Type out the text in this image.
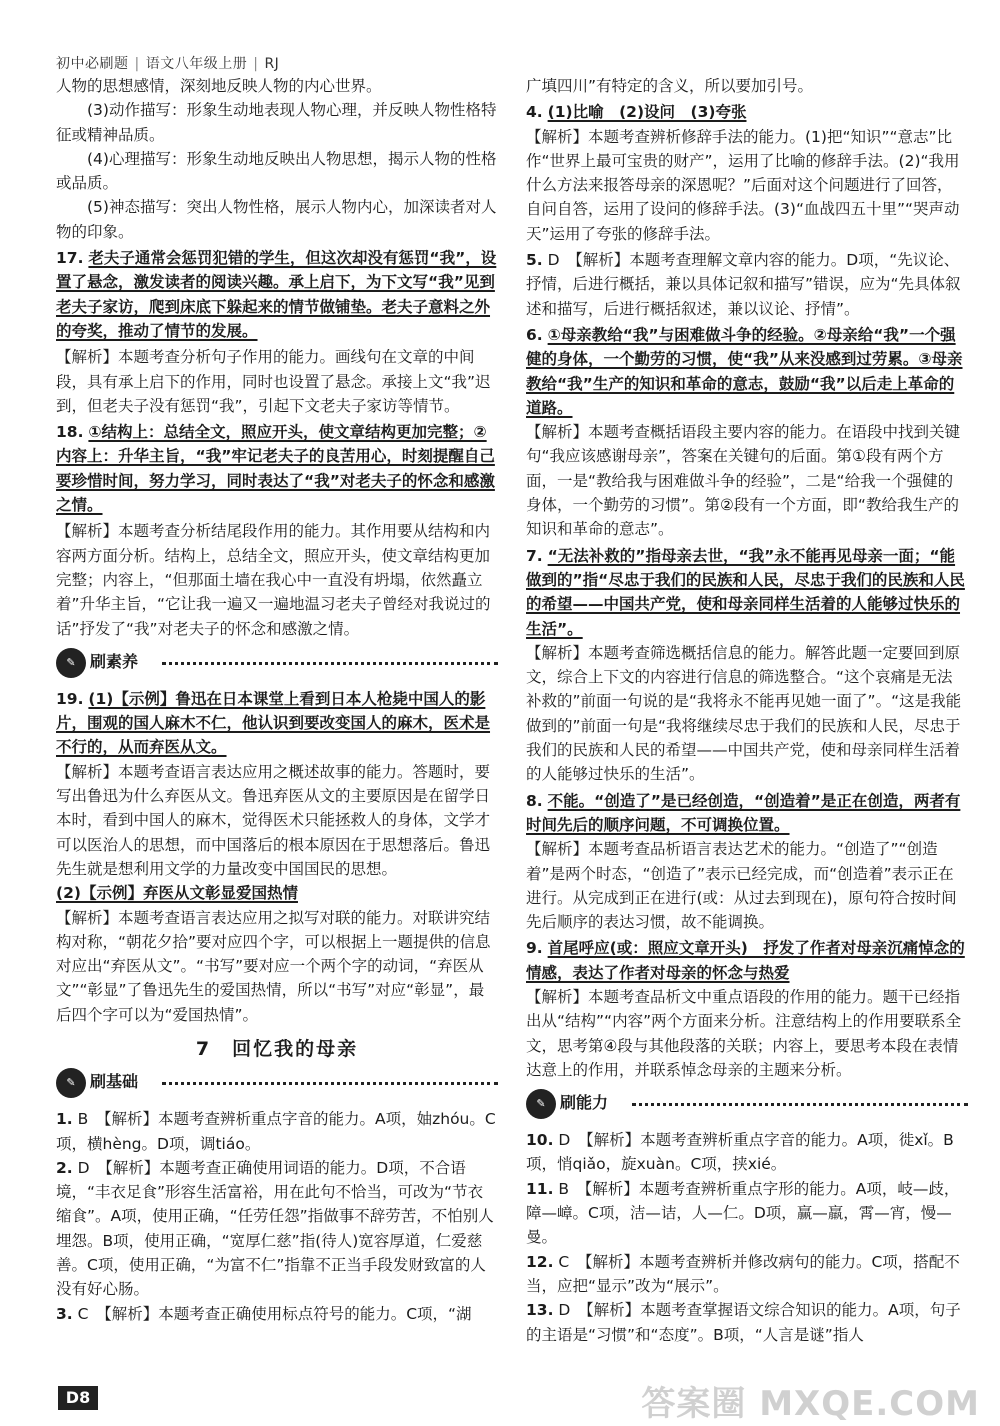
初中必刷题 | 语文八年级上册 | RJ

人物的思想感情，深刻地反映人物的内心世界。

(3)动作描写：形象生动地表现人物心理，并反映人物性格特征或精神品质。

(4)心理描写：形象生动地反映出人物思想，揭示人物的性格或品质。

(5)神态描写：突出人物性格，展示人物内心，加深读者对人物的印象。

17. 老夫子通常会惩罚犯错的学生，但这次却没有惩罚“我”，设置了悬念，激发读者的阅读兴趣。承上启下，为下文写“我”见到老夫子家访，爬到床底下躲起来的情节做铺垫。老夫子意料之外的夸奖，推动了情节的发展。

【解析】本题考查分析句子作用的能力。画线句在文章的中间段，具有承上启下的作用，同时也设置了悬念。承接上文“我”迟到，但老夫子没有惩罚“我”，引起下文老夫子家访等情节。

18. ①结构上：总结全文，照应开头，使文章结构更加完整；②内容上：升华主旨，“我”牢记老夫子的良苦用心，时刻提醒自己要珍惜时间，努力学习，同时表达了“我”对老夫子的怀念和感激之情。

【解析】本题考查分析结尾段作用的能力。其作用要从结构和内容两方面分析。结构上，总结全文，照应开头，使文章结构更加完整；内容上，“但那面土墙在我心中一直没有坍塌，依然矗立着”升华主旨，“它让我一遍又一遍地温习老夫子曾经对我说过的话”抒发了“我”对老夫子的怀念和感激之情。

✎ 刷素养
19. (1)【示例】鲁迅在日本课堂上看到日本人枪毙中国人的影片，围观的国人麻木不仁，他认识到要改变国人的麻木，医术是不行的，从而弃医从文。

【解析】本题考查语言表达应用之概述故事的能力。答题时，要写出鲁迅为什么弃医从文。鲁迅弃医从文的主要原因是在留学日本时，看到中国人的麻木，觉得医术只能拯救人的身体，文学才可以医治人的思想，而中国落后的根本原因在于思想落后。鲁迅先生就是想利用文学的力量改变中国国民的思想。

(2)【示例】弃医从文彰显爱国热情

【解析】本题考查语言表达应用之拟写对联的能力。对联讲究结构对称，“朝花夕拾”要对应四个字，可以根据上一题提供的信息对应出“弃医从文”。“书写”要对应一个两个字的动词，“弃医从文”“彰显”了鲁迅先生的爱国热情，所以“书写”对应“彰显”，最后四个字可以为“爱国热情”。

7　回忆我的母亲
✎ 刷基础
1. B　【解析】本题考查辨析重点字音的能力。A项，妯zhóu。C项，横hèng。D项，调tiáo。
2. D　【解析】本题考查正确使用词语的能力。D项，不合语境，“丰衣足食”形容生活富裕，用在此句不恰当，可改为“节衣缩食”。A项，使用正确，“任劳任怨”指做事不辞劳苦，不怕别人埋怨。B项，使用正确，“宽厚仁慈”指(待人)宽容厚道，仁爱慈善。C项，使用正确，“为富不仁”指靠不正当手段发财致富的人没有好心肠。
3. C　【解析】本题考查正确使用标点符号的能力。C项，“湖

广填四川”有特定的含义，所以要加引号。

4. (1)比喻　(2)设问　(3)夸张

【解析】本题考查辨析修辞手法的能力。(1)把“知识”“意志”比作“世界上最可宝贵的财产”，运用了比喻的修辞手法。(2)“我用什么方法来报答母亲的深恩呢？”后面对这个问题进行了回答，自问自答，运用了设问的修辞手法。(3)“血战四五十里”“哭声动天”运用了夸张的修辞手法。

5. D　【解析】本题考查理解文章内容的能力。D项，“先议论、抒情，后进行概括，兼以具体记叙和描写”错误，应为“先具体叙述和描写，后进行概括叙述，兼以议论、抒情”。
6. ①母亲教给“我”与困难做斗争的经验。②母亲给“我”一个强健的身体，一个勤劳的习惯，使“我”从来没感到过劳累。③母亲教给“我”生产的知识和革命的意志，鼓励“我”以后走上革命的道路。

【解析】本题考查概括语段主要内容的能力。在语段中找到关键句“我应该感谢母亲”，答案在关键句的后面。第①段有两个方面，一是“教给我与困难做斗争的经验”，二是“给我一个强健的身体，一个勤劳的习惯”。第②段有一个方面，即“教给我生产的知识和革命的意志”。

7. “无法补救的”指母亲去世，“我”永不能再见母亲一面；“能做到的”指“尽忠于我们的民族和人民，尽忠于我们的民族和人民的希望——中国共产党，使和母亲同样生活着的人能够过快乐的生活”。

【解析】本题考查筛选概括信息的能力。解答此题一定要回到原文，综合上下文的内容进行信息的筛选整合。“这个哀痛是无法补救的”前面一句说的是“我将永不能再见她一面了”。“这是我能做到的”前面一句是“我将继续尽忠于我们的民族和人民，尽忠于我们的民族和人民的希望——中国共产党，使和母亲同样生活着的人能够过快乐的生活”。

8. 不能。“创造了”是已经创造，“创造着”是正在创造，两者有时间先后的顺序问题，不可调换位置。

【解析】本题考查品析语言表达艺术的能力。“创造了”“创造着”是两个时态，“创造了”表示已经完成，而“创造着”表示正在进行。从完成到正在进行(或：从过去到现在)，原句符合按时间先后顺序的表达习惯，故不能调换。

9. 首尾呼应(或：照应文章开头)　抒发了作者对母亲沉痛悼念的情感，表达了作者对母亲的怀念与热爱

【解析】本题考查品析文中重点语段的作用的能力。题干已经指出从“结构”“内容”两个方面来分析。注意结构上的作用要联系全文，思考第④段与其他段落的关联；内容上，要思考本段在表情达意上的作用，并联系悼念母亲的主题来分析。

✎ 刷能力
10. D　【解析】本题考查辨析重点字音的能力。A项，徙xǐ。B项，悄qiǎo，旋xuàn。C项，挟xié。
11. B　【解析】本题考查辨析重点字形的能力。A项，岐—歧，障—嶂。C项，洁—诘，人—仁。D项，赢—羸，霄—宵，慢—曼。
12. C　【解析】本题考查辨析并修改病句的能力。C项，搭配不当，应把“显示”改为“展示”。
13. D　【解析】本题考查掌握语文综合知识的能力。A项，句子的主语是“习惯”和“态度”。B项，“人言是谜”指人
D8	答案圈 MXQE.COM
